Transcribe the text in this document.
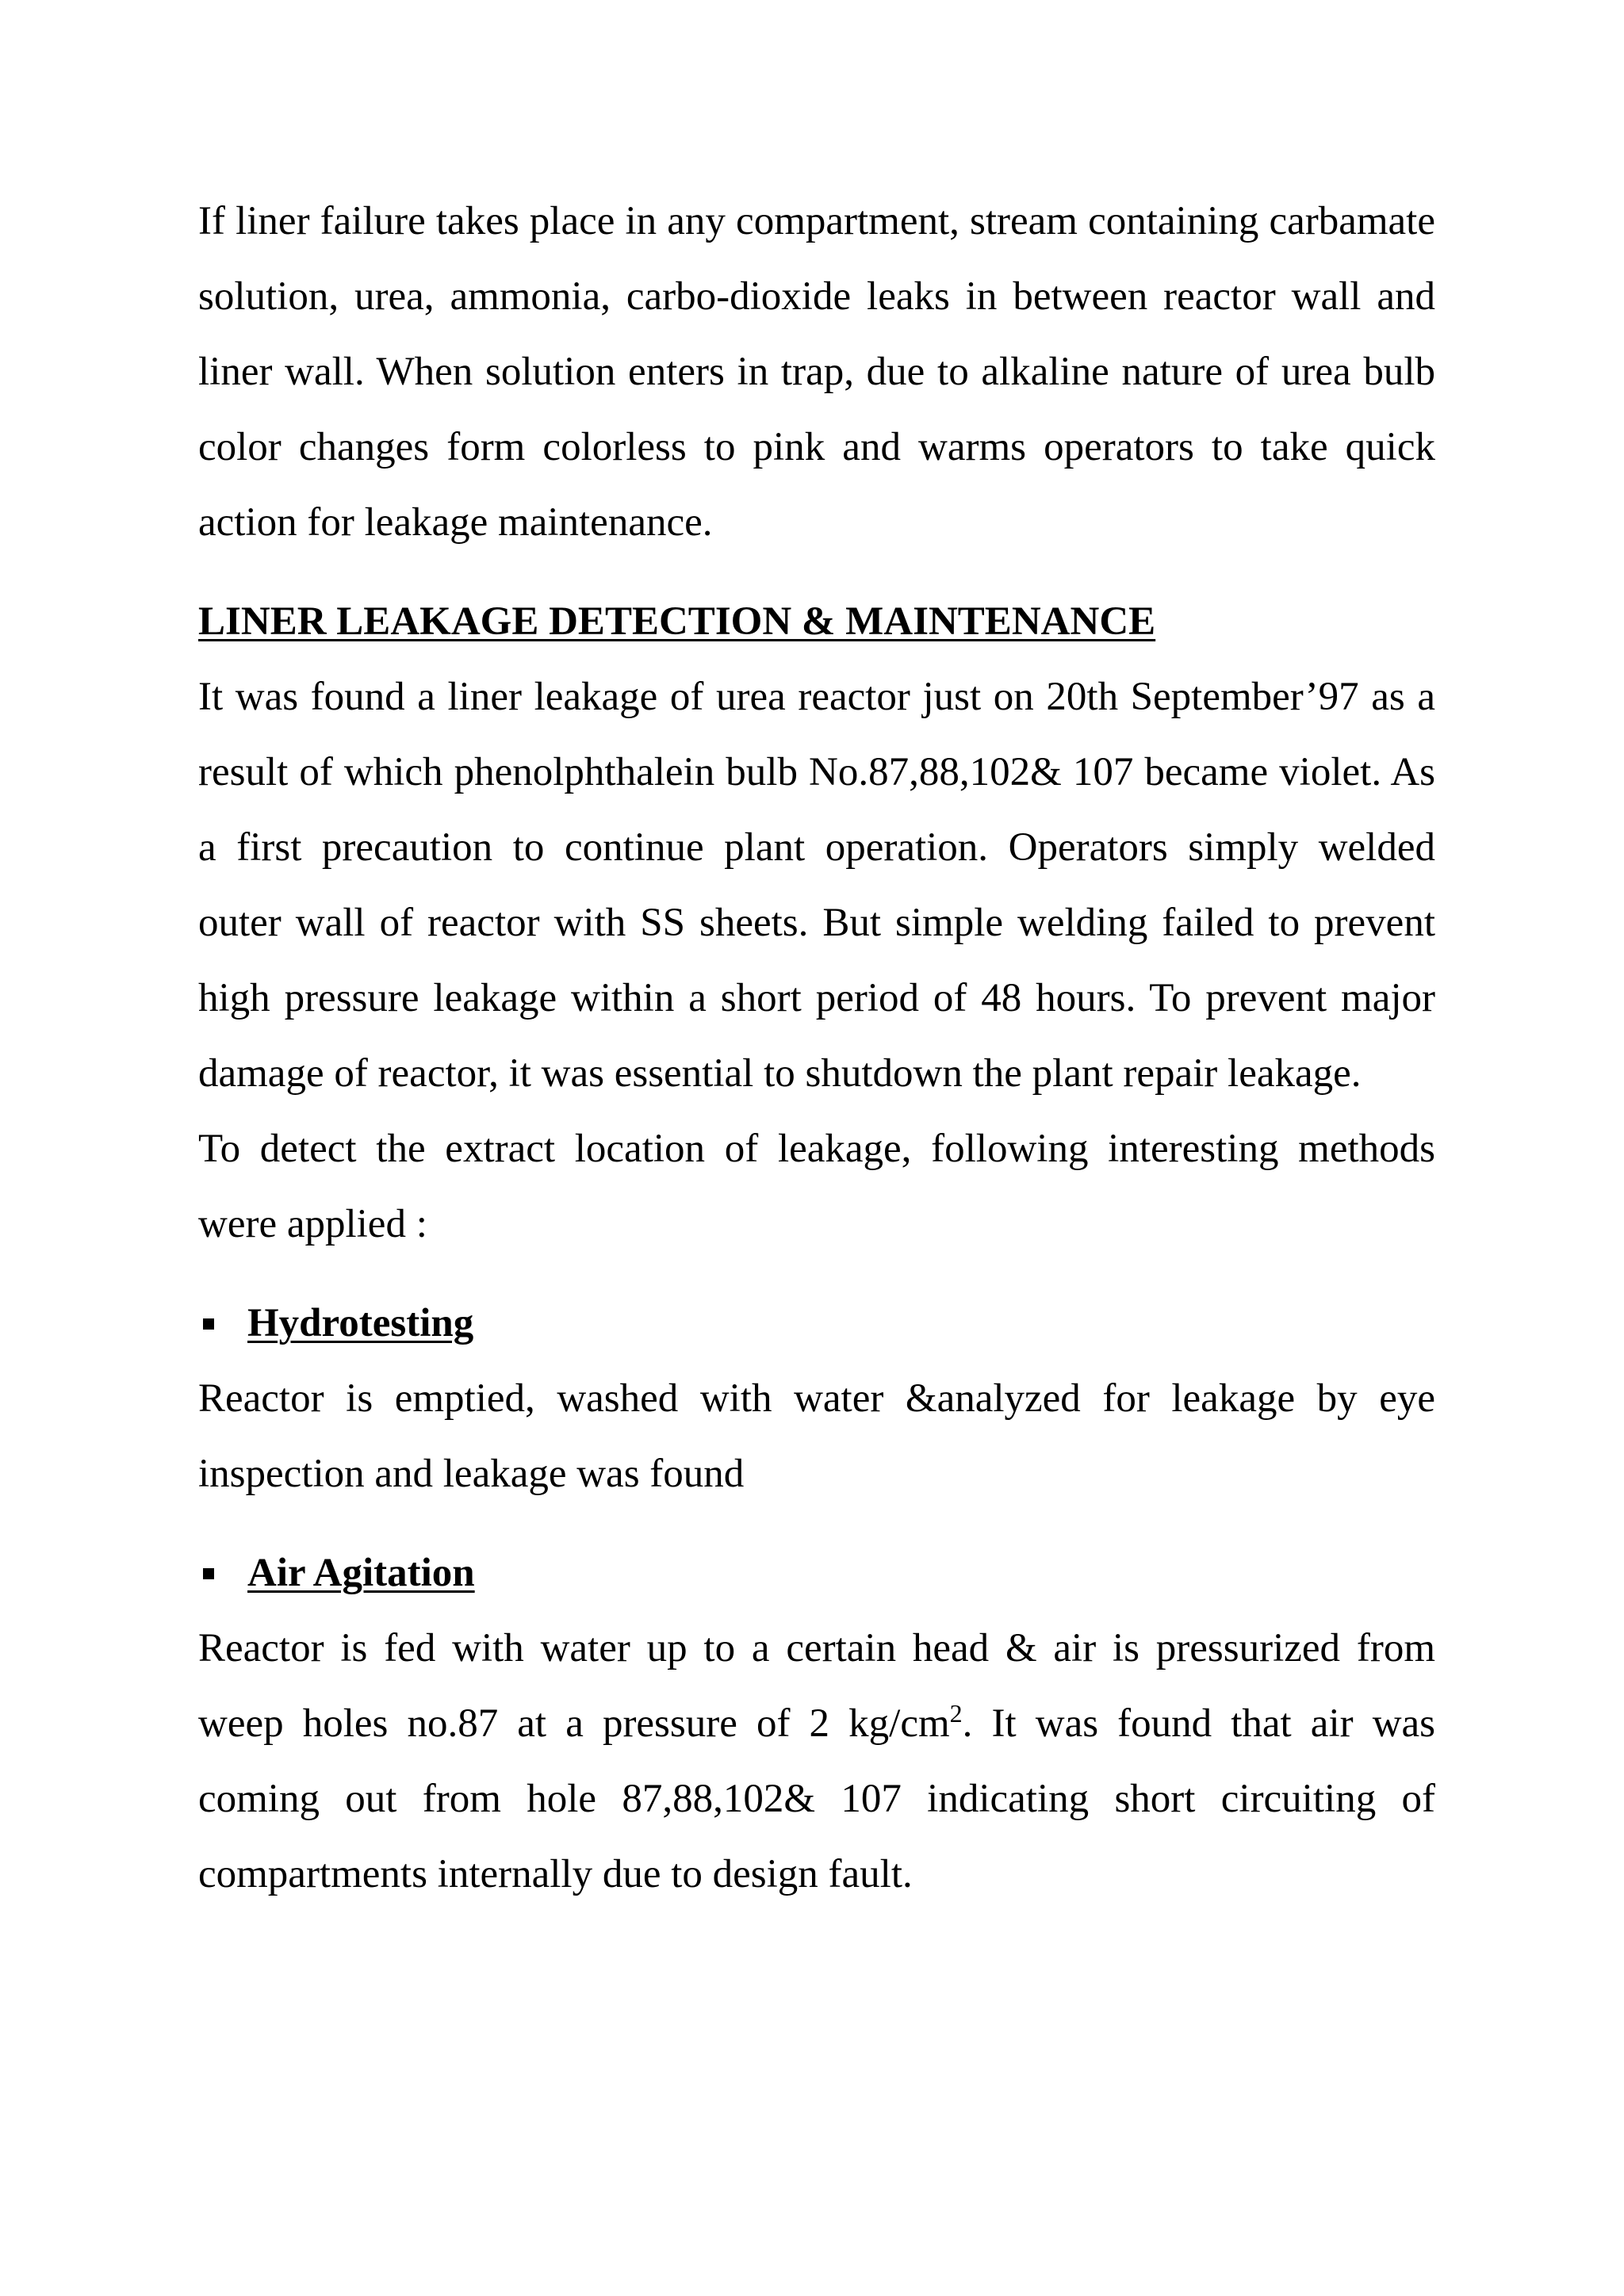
If liner failure takes place in any compartment, stream containing carbamate solution, urea, ammonia, carbo-dioxide leaks in between reactor wall and liner wall. When solution enters in trap, due to alkaline nature of urea bulb color changes form colorless to pink and warms operators to take quick action for leakage maintenance.

LINER LEAKAGE DETECTION & MAINTENANCE

It was found a liner leakage of urea reactor just on 20th September’97 as a result of which phenolphthalein bulb No.87,88,102& 107 became violet. As a first precaution to continue plant operation. Operators simply welded outer wall of reactor with SS sheets. But simple welding failed to prevent high pressure leakage within a short period of 48 hours. To prevent major damage of reactor, it was essential to shutdown the plant repair leakage.

To detect the extract location of leakage, following interesting methods were applied :

Hydrotesting

Reactor is emptied, washed with water &analyzed for leakage by eye inspection and leakage was found

Air Agitation

Reactor is fed with water up to a certain head & air is pressurized from weep holes no.87 at a pressure of 2 $kg/cm^2$. It was found that air was coming out from hole 87,88,102& 107 indicating short circuiting of compartments internally due to design fault.
